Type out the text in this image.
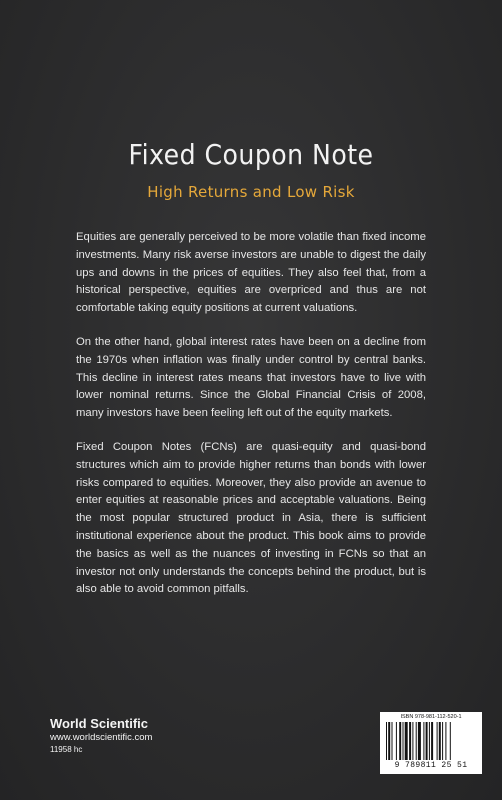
Fixed Coupon Note
High Returns and Low Risk

Equities are generally perceived to be more volatile than fixed income investments. Many risk averse investors are unable to digest the daily ups and downs in the prices of equities. They also feel that, from a historical perspective, equities are overpriced and thus are not comfortable taking equity positions at current valuations.

On the other hand, global interest rates have been on a decline from the 1970s when inflation was finally under control by central banks. This decline in interest rates means that investors have to live with lower nominal returns. Since the Global Financial Crisis of 2008, many investors have been feeling left out of the equity markets.

Fixed Coupon Notes (FCNs) are quasi-equity and quasi-bond structures which aim to provide higher returns than bonds with lower risks compared to equities. Moreover, they also provide an avenue to enter equities at reasonable prices and acceptable valuations. Being the most popular structured product in Asia, there is sufficient institutional experience about the product. This book aims to provide the basics as well as the nuances of investing in FCNs so that an investor not only understands the concepts behind the product, but is also able to avoid common pitfalls.

World Scientific
www.worldscientific.com
11958 hc
ISBN 978-981-112-520-1
9 789811 25 51
